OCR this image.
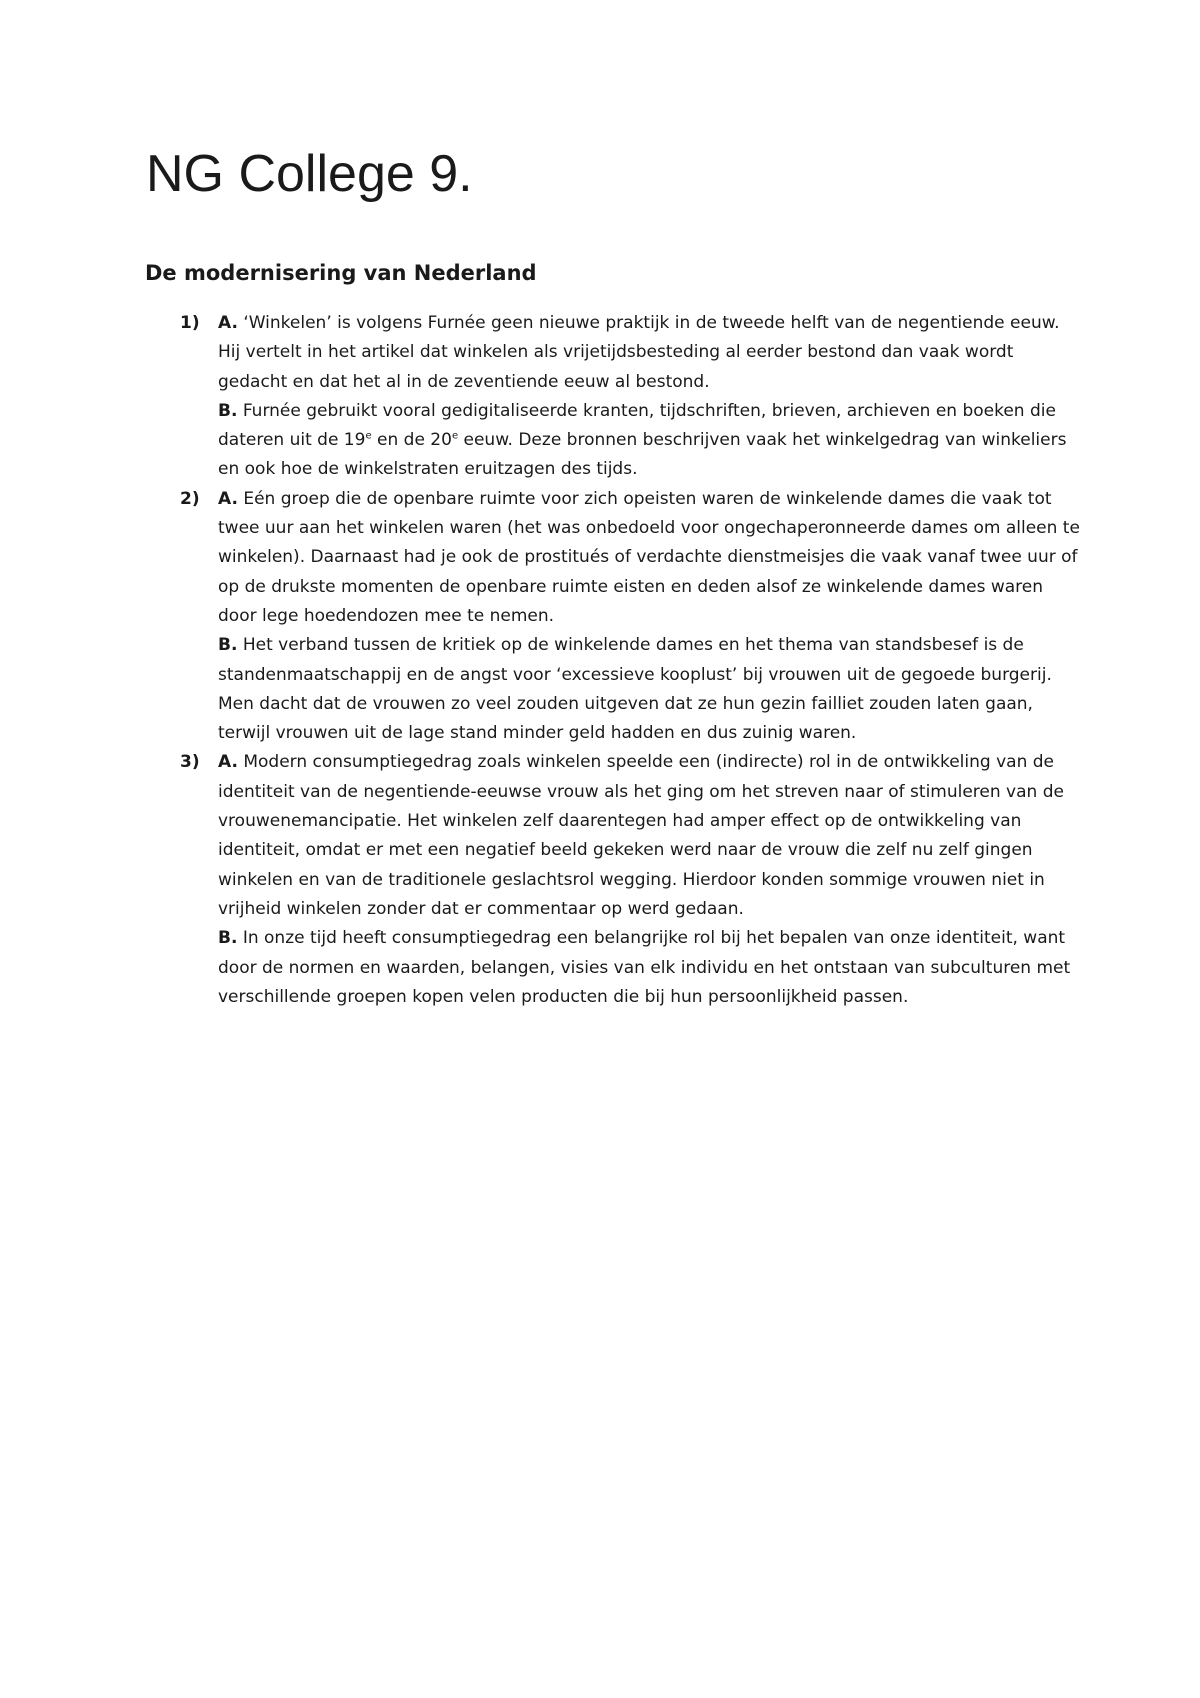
NG College 9.
De modernisering van Nederland
1) A. ‘Winkelen’ is volgens Furnée geen nieuwe praktijk in de tweede helft van de negentiende eeuw. Hij vertelt in het artikel dat winkelen als vrijetijdsbesteding al eerder bestond dan vaak wordt gedacht en dat het al in de zeventiende eeuw al bestond.

B. Furnée gebruikt vooral gedigitaliseerde kranten, tijdschriften, brieven, archieven en boeken die dateren uit de 19e en de 20e eeuw. Deze bronnen beschrijven vaak het winkelgedrag van winkeliers en ook hoe de winkelstraten eruitzagen des tijds.

2) A. Eén groep die de openbare ruimte voor zich opeisten waren de winkelende dames die vaak tot twee uur aan het winkelen waren (het was onbedoeld voor ongechaperonneerde dames om alleen te winkelen). Daarnaast had je ook de prostitués of verdachte dienstmeisjes die vaak vanaf twee uur of op de drukste momenten de openbare ruimte eisten en deden alsof ze winkelende dames waren door lege hoedendozen mee te nemen.

B. Het verband tussen de kritiek op de winkelende dames en het thema van standsbesef is de standenmaatschappij en de angst voor ‘excessieve kooplust’ bij vrouwen uit de gegoede burgerij. Men dacht dat de vrouwen zo veel zouden uitgeven dat ze hun gezin failliet zouden laten gaan, terwijl vrouwen uit de lage stand minder geld hadden en dus zuinig waren.

3) A. Modern consumptiegedrag zoals winkelen speelde een (indirecte) rol in de ontwikkeling van de identiteit van de negentiende-eeuwse vrouw als het ging om het streven naar of stimuleren van de vrouwenemancipatie. Het winkelen zelf daarentegen had amper effect op de ontwikkeling van identiteit, omdat er met een negatief beeld gekeken werd naar de vrouw die zelf nu zelf gingen winkelen en van de traditionele geslachtsrol wegging. Hierdoor konden sommige vrouwen niet in vrijheid winkelen zonder dat er commentaar op werd gedaan.

B. In onze tijd heeft consumptiegedrag een belangrijke rol bij het bepalen van onze identiteit, want door de normen en waarden, belangen, visies van elk individu en het ontstaan van subculturen met verschillende groepen kopen velen producten die bij hun persoonlijkheid passen.
